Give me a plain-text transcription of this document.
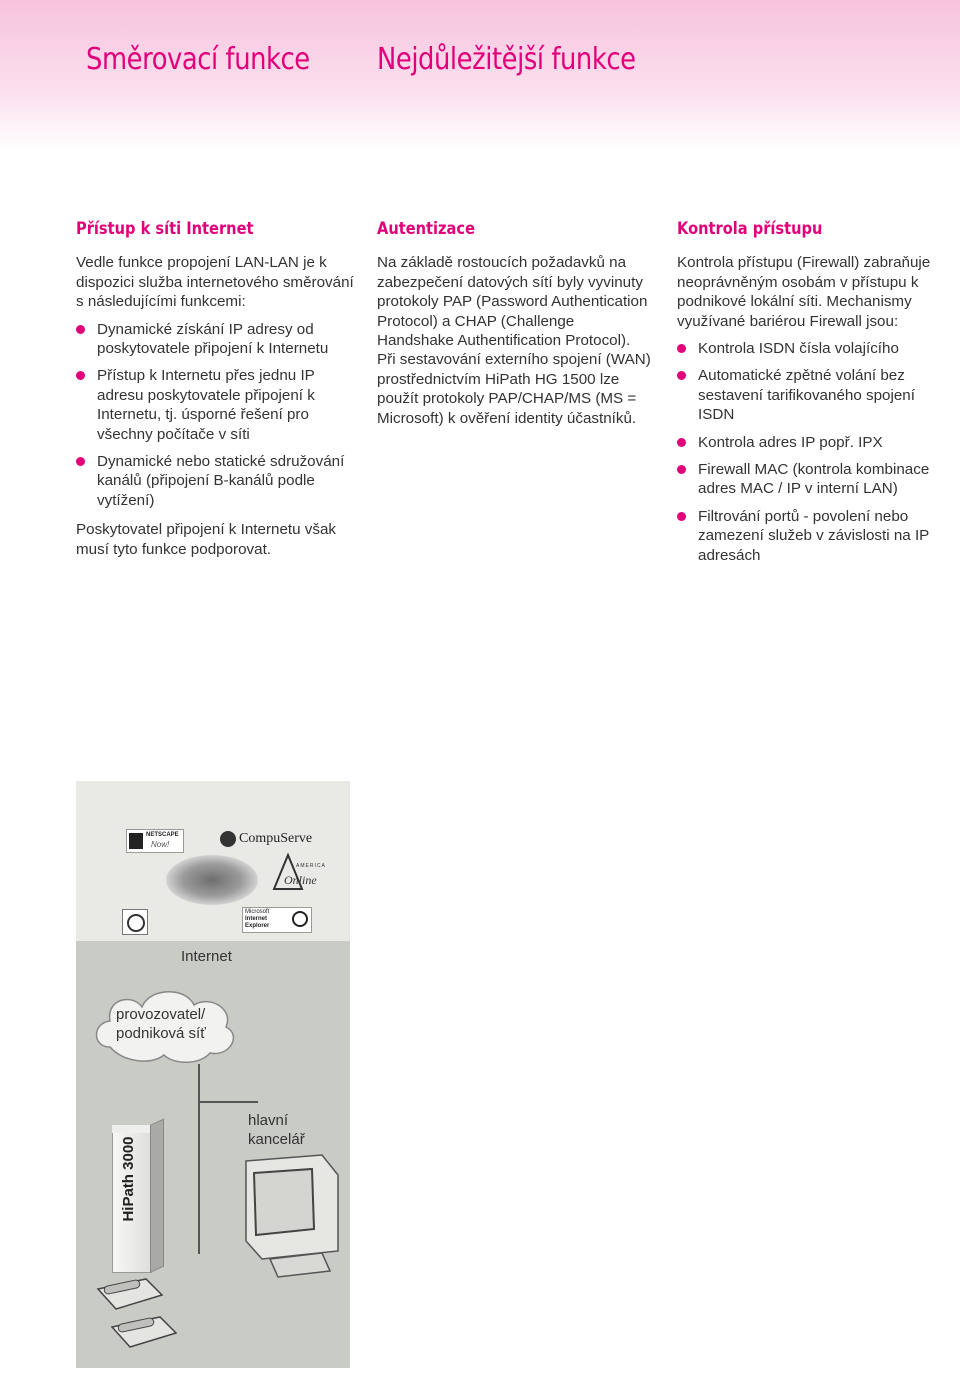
Směrovací funkce Nejdůležitější funkce
Přístup k síti Internet

Vedle funkce propojení LAN-LAN je k dispozici služba internetového směrování s následujícími funkcemi:

Dynamické získání IP adresy od poskytovatele připojení k Internetu
Přístup k Internetu přes jednu IP adresu poskytovatele připojení k Internetu, tj. úsporné řešení pro všechny počítače v síti
Dynamické nebo statické sdružování kanálů (připojení B-kanálů podle vytížení)

Poskytovatel připojení k Internetu však musí tyto funkce podporovat.

Autentizace

Na základě rostoucích požadavků na zabezpečení datových sítí byly vyvinuty protokoly PAP (Password Authentication Protocol) a CHAP (Challenge Handshake Authentification Protocol). Při sestavování externího spojení (WAN) prostřednictvím HiPath HG 1500 lze použít protokoly PAP/CHAP/MS (MS = Microsoft) k ověření identity účastníků.

Kontrola přístupu

Kontrola přístupu (Firewall) zabraňuje neoprávněným osobám v přístupu k podnikové lokální síti. Mechanismy využívané bariérou Firewall jsou:

Kontrola ISDN čísla volajícího
Automatické zpětné volání bez sestavení tarifikovaného spojení ISDN
Kontrola adres IP popř. IPX
Firewall MAC (kontrola kombinace adres MAC / IP v interní LAN)
Filtrování portů - povolení nebo zamezení služeb v závislosti na IP adresách
NETSCAPE
Now!	CompuServe
AMERICA
Online
Microsoft
Internet
Explorer
Internet
provozovatel/
podniková síť
hlavní
kancelář
HiPath 3000
